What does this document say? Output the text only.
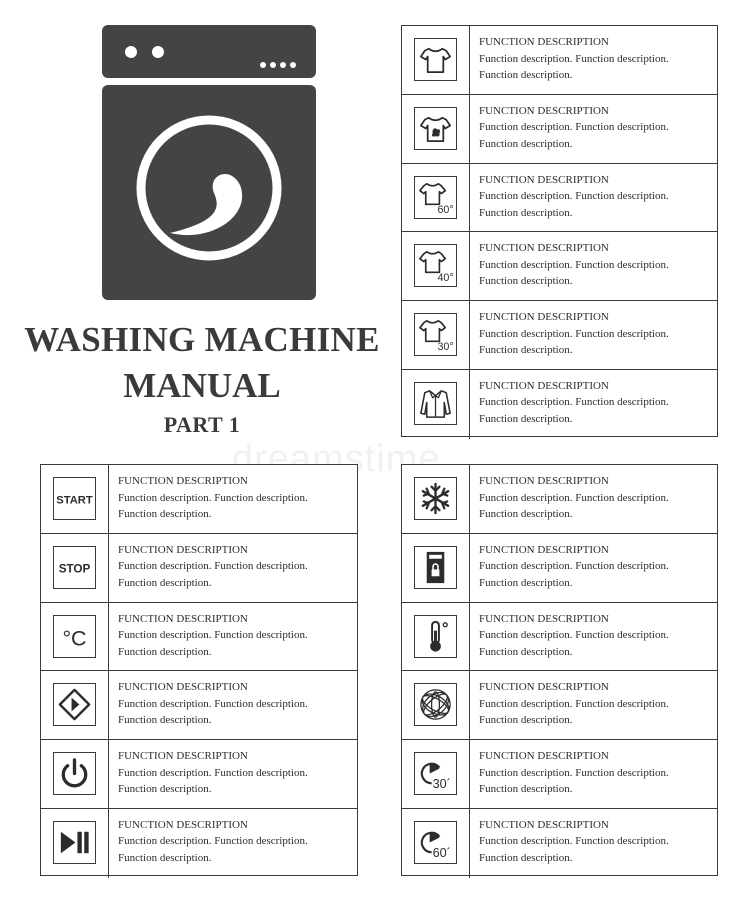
WASHING MACHINE
MANUAL
PART 1
dreamstime
FUNCTION DESCRIPTION
Function description. Function description.
Function description.
FUNCTION DESCRIPTION
Function description. Function description.
Function description.
60°
FUNCTION DESCRIPTION
Function description. Function description.
Function description.
40°
FUNCTION DESCRIPTION
Function description. Function description.
Function description.
30°
FUNCTION DESCRIPTION
Function description. Function description.
Function description.
FUNCTION DESCRIPTION
Function description. Function description.
Function description.
START
FUNCTION DESCRIPTION
Function description. Function description.
Function description.
STOP
FUNCTION DESCRIPTION
Function description. Function description.
Function description.
°C
FUNCTION DESCRIPTION
Function description. Function description.
Function description.
FUNCTION DESCRIPTION
Function description. Function description.
Function description.
FUNCTION DESCRIPTION
Function description. Function description.
Function description.
FUNCTION DESCRIPTION
Function description. Function description.
Function description.
FUNCTION DESCRIPTION
Function description. Function description.
Function description.
FUNCTION DESCRIPTION
Function description. Function description.
Function description.
FUNCTION DESCRIPTION
Function description. Function description.
Function description.
FUNCTION DESCRIPTION
Function description. Function description.
Function description.
30´
FUNCTION DESCRIPTION
Function description. Function description.
Function description.
60´
FUNCTION DESCRIPTION
Function description. Function description.
Function description.
